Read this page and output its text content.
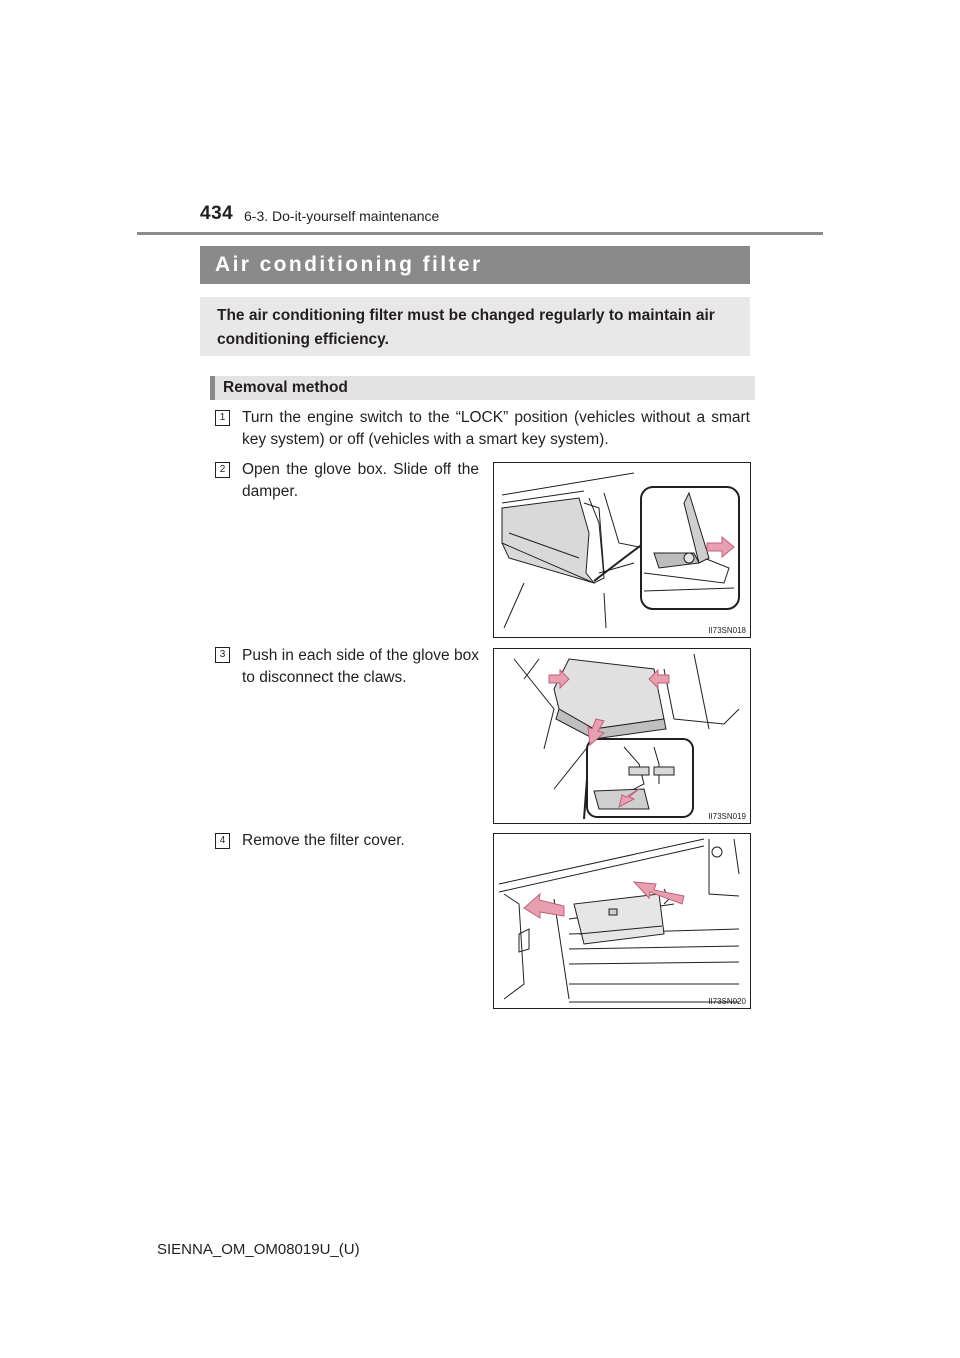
434 6-3. Do-it-yourself maintenance
Air conditioning filter
The air conditioning filter must be changed regularly to maintain air conditioning efficiency.
Removal method
1	Turn the engine switch to the “LOCK” position (vehicles without a smart key system) or off (vehicles with a smart key system).
2	Open the glove box. Slide off the damper.
II73SN018
3	Push in each side of the glove box to disconnect the claws.
II73SN019
4	Remove the filter cover.
II73SN020
SIENNA_OM_OM08019U_(U)
